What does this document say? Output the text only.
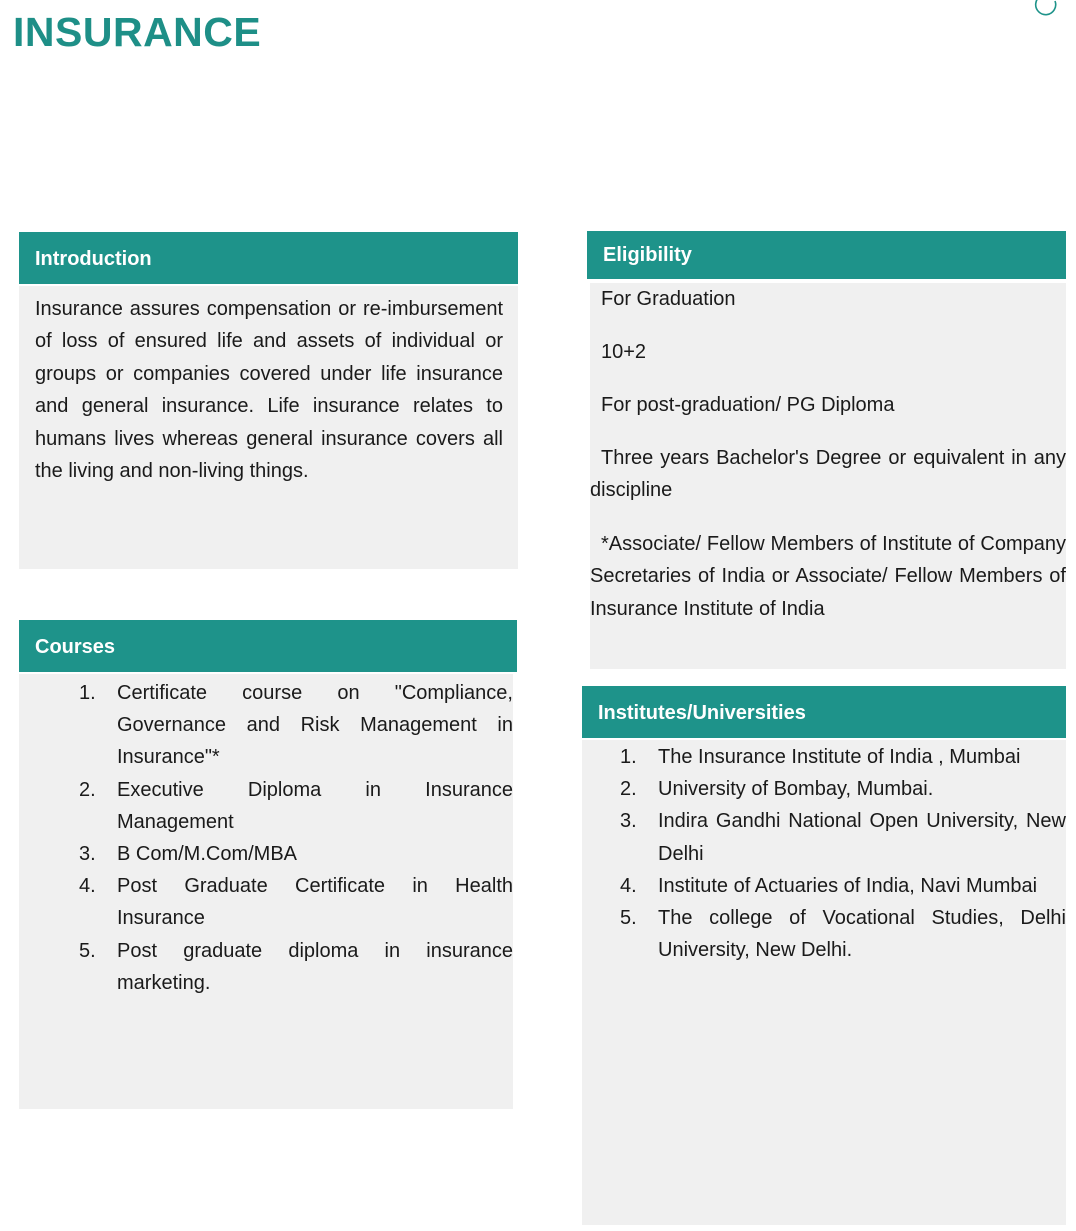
INSURANCE
Introduction

Insurance assures compensation or re-imbursement of loss of ensured life and assets of individual or groups or companies covered under life insurance and general insurance. Life insurance relates to humans lives whereas general insurance covers all the living and non-living things.

Courses
1. Certificate course on "Compliance, Governance and Risk Management in Insurance"*
2. Executive Diploma in Insurance Management
3. B Com/M.Com/MBA
4. Post Graduate Certificate in Health Insurance
5. Post graduate diploma in insurance marketing.
Eligibility

For Graduation

10+2

For post-graduation/ PG Diploma

Three years Bachelor's Degree or equivalent in any discipline

*Associate/ Fellow Members of Institute of Company Secretaries of India or Associate/ Fellow Members of Insurance Institute of India

Institutes/Universities
1. The Insurance Institute of India , Mumbai
2. University of Bombay, Mumbai.
3. Indira Gandhi National Open University, New Delhi
4. Institute of Actuaries of India, Navi Mumbai
5. The college of Vocational Studies, Delhi University, New Delhi.
